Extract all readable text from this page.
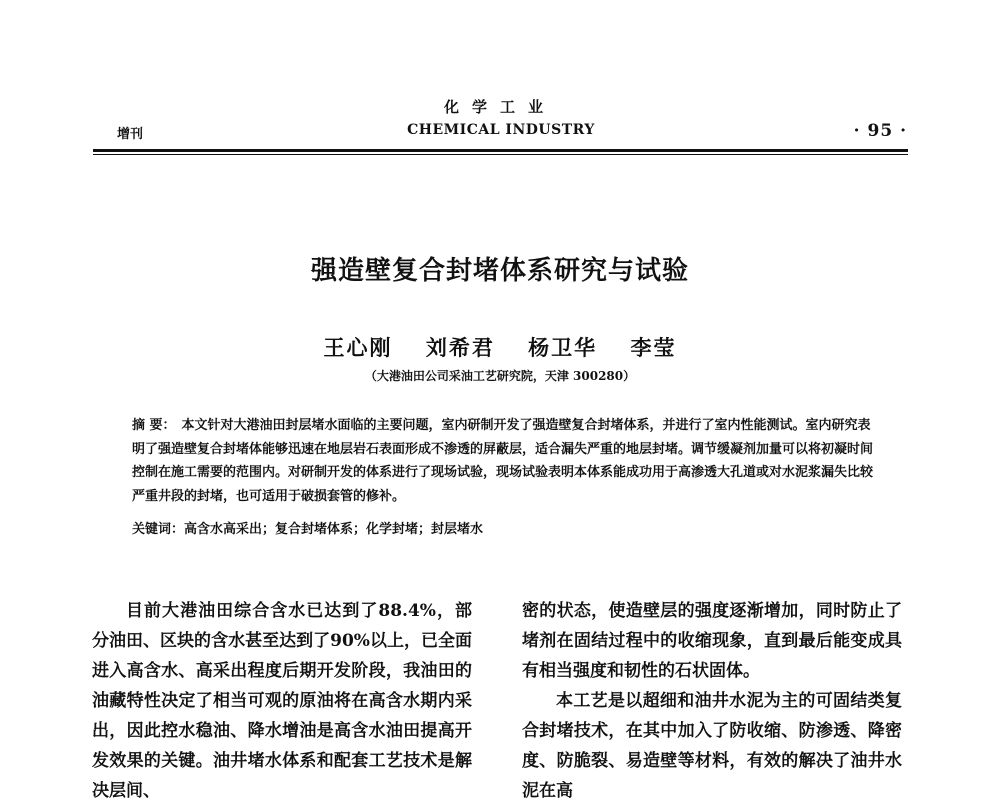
化学工业
增刊	CHEMICAL INDUSTRY	· 95 ·
强造壁复合封堵体系研究与试验
王心刚 刘希君 杨卫华 李莹
（大港油田公司采油工艺研究院，天津 300280）
摘 要： 本文针对大港油田封层堵水面临的主要问题，室内研制开发了强造壁复合封堵体系，并进行了室内性能测试。室内研究表明了强造壁复合封堵体能够迅速在地层岩石表面形成不渗透的屏蔽层，适合漏失严重的地层封堵。调节缓凝剂加量可以将初凝时间控制在施工需要的范围内。对研制开发的体系进行了现场试验，现场试验表明本体系能成功用于高渗透大孔道或对水泥浆漏失比较严重井段的封堵，也可适用于破损套管的修补。
关键词：高含水高采出；复合封堵体系；化学封堵；封层堵水

目前大港油田综合含水已达到了88.4%，部分油田、区块的含水甚至达到了90%以上，已全面进入高含水、高采出程度后期开发阶段，我油田的油藏特性决定了相当可观的原油将在高含水期内采出，因此控水稳油、降水增油是高含水油田提高开发效果的关键。油井堵水体系和配套工艺技术是解决层间、

密的状态，使造壁层的强度逐渐增加，同时防止了堵剂在固结过程中的收缩现象，直到最后能变成具有相当强度和韧性的石状固体。

本工艺是以超细和油井水泥为主的可固结类复合封堵技术，在其中加入了防收缩、防渗透、降密度、防脆裂、易造壁等材料，有效的解决了油井水泥在高
